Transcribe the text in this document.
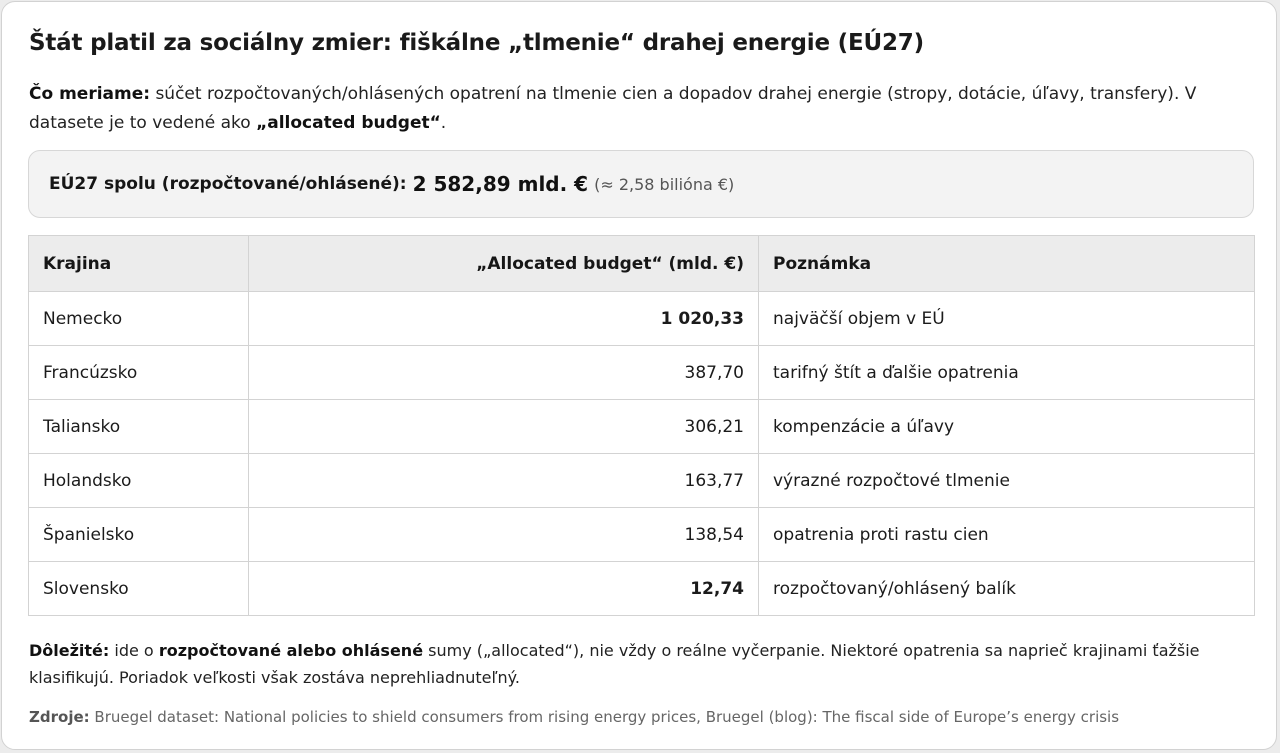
Štát platil za sociálny zmier: fiškálne „tlmenie“ drahej energie (EÚ27)
Čo meriame: súčet rozpočtovaných/ohlásených opatrení na tlmenie cien a dopadov drahej energie (stropy, dotácie, úľavy, transfery). V datasete je to vedené ako „allocated budget“.
EÚ27 spolu (rozpočtované/ohlásené): 2 582,89 mld. € (≈ 2,58 bilióna €)
Krajina	„Allocated budget“ (mld. €)	Poznámka
Nemecko	1 020,33	najväčší objem v EÚ
Francúzsko	387,70	tarifný štít a ďalšie opatrenia
Taliansko	306,21	kompenzácie a úľavy
Holandsko	163,77	výrazné rozpočtové tlmenie
Španielsko	138,54	opatrenia proti rastu cien
Slovensko	12,74	rozpočtovaný/ohlásený balík
Dôležité: ide o rozpočtované alebo ohlásené sumy („allocated“), nie vždy o reálne vyčerpanie. Niektoré opatrenia sa naprieč krajinami ťažšie klasifikujú. Poriadok veľkosti však zostáva neprehliadnuteľný.
Zdroje: Bruegel dataset: National policies to shield consumers from rising energy prices, Bruegel (blog): The fiscal side of Europe’s energy crisis
